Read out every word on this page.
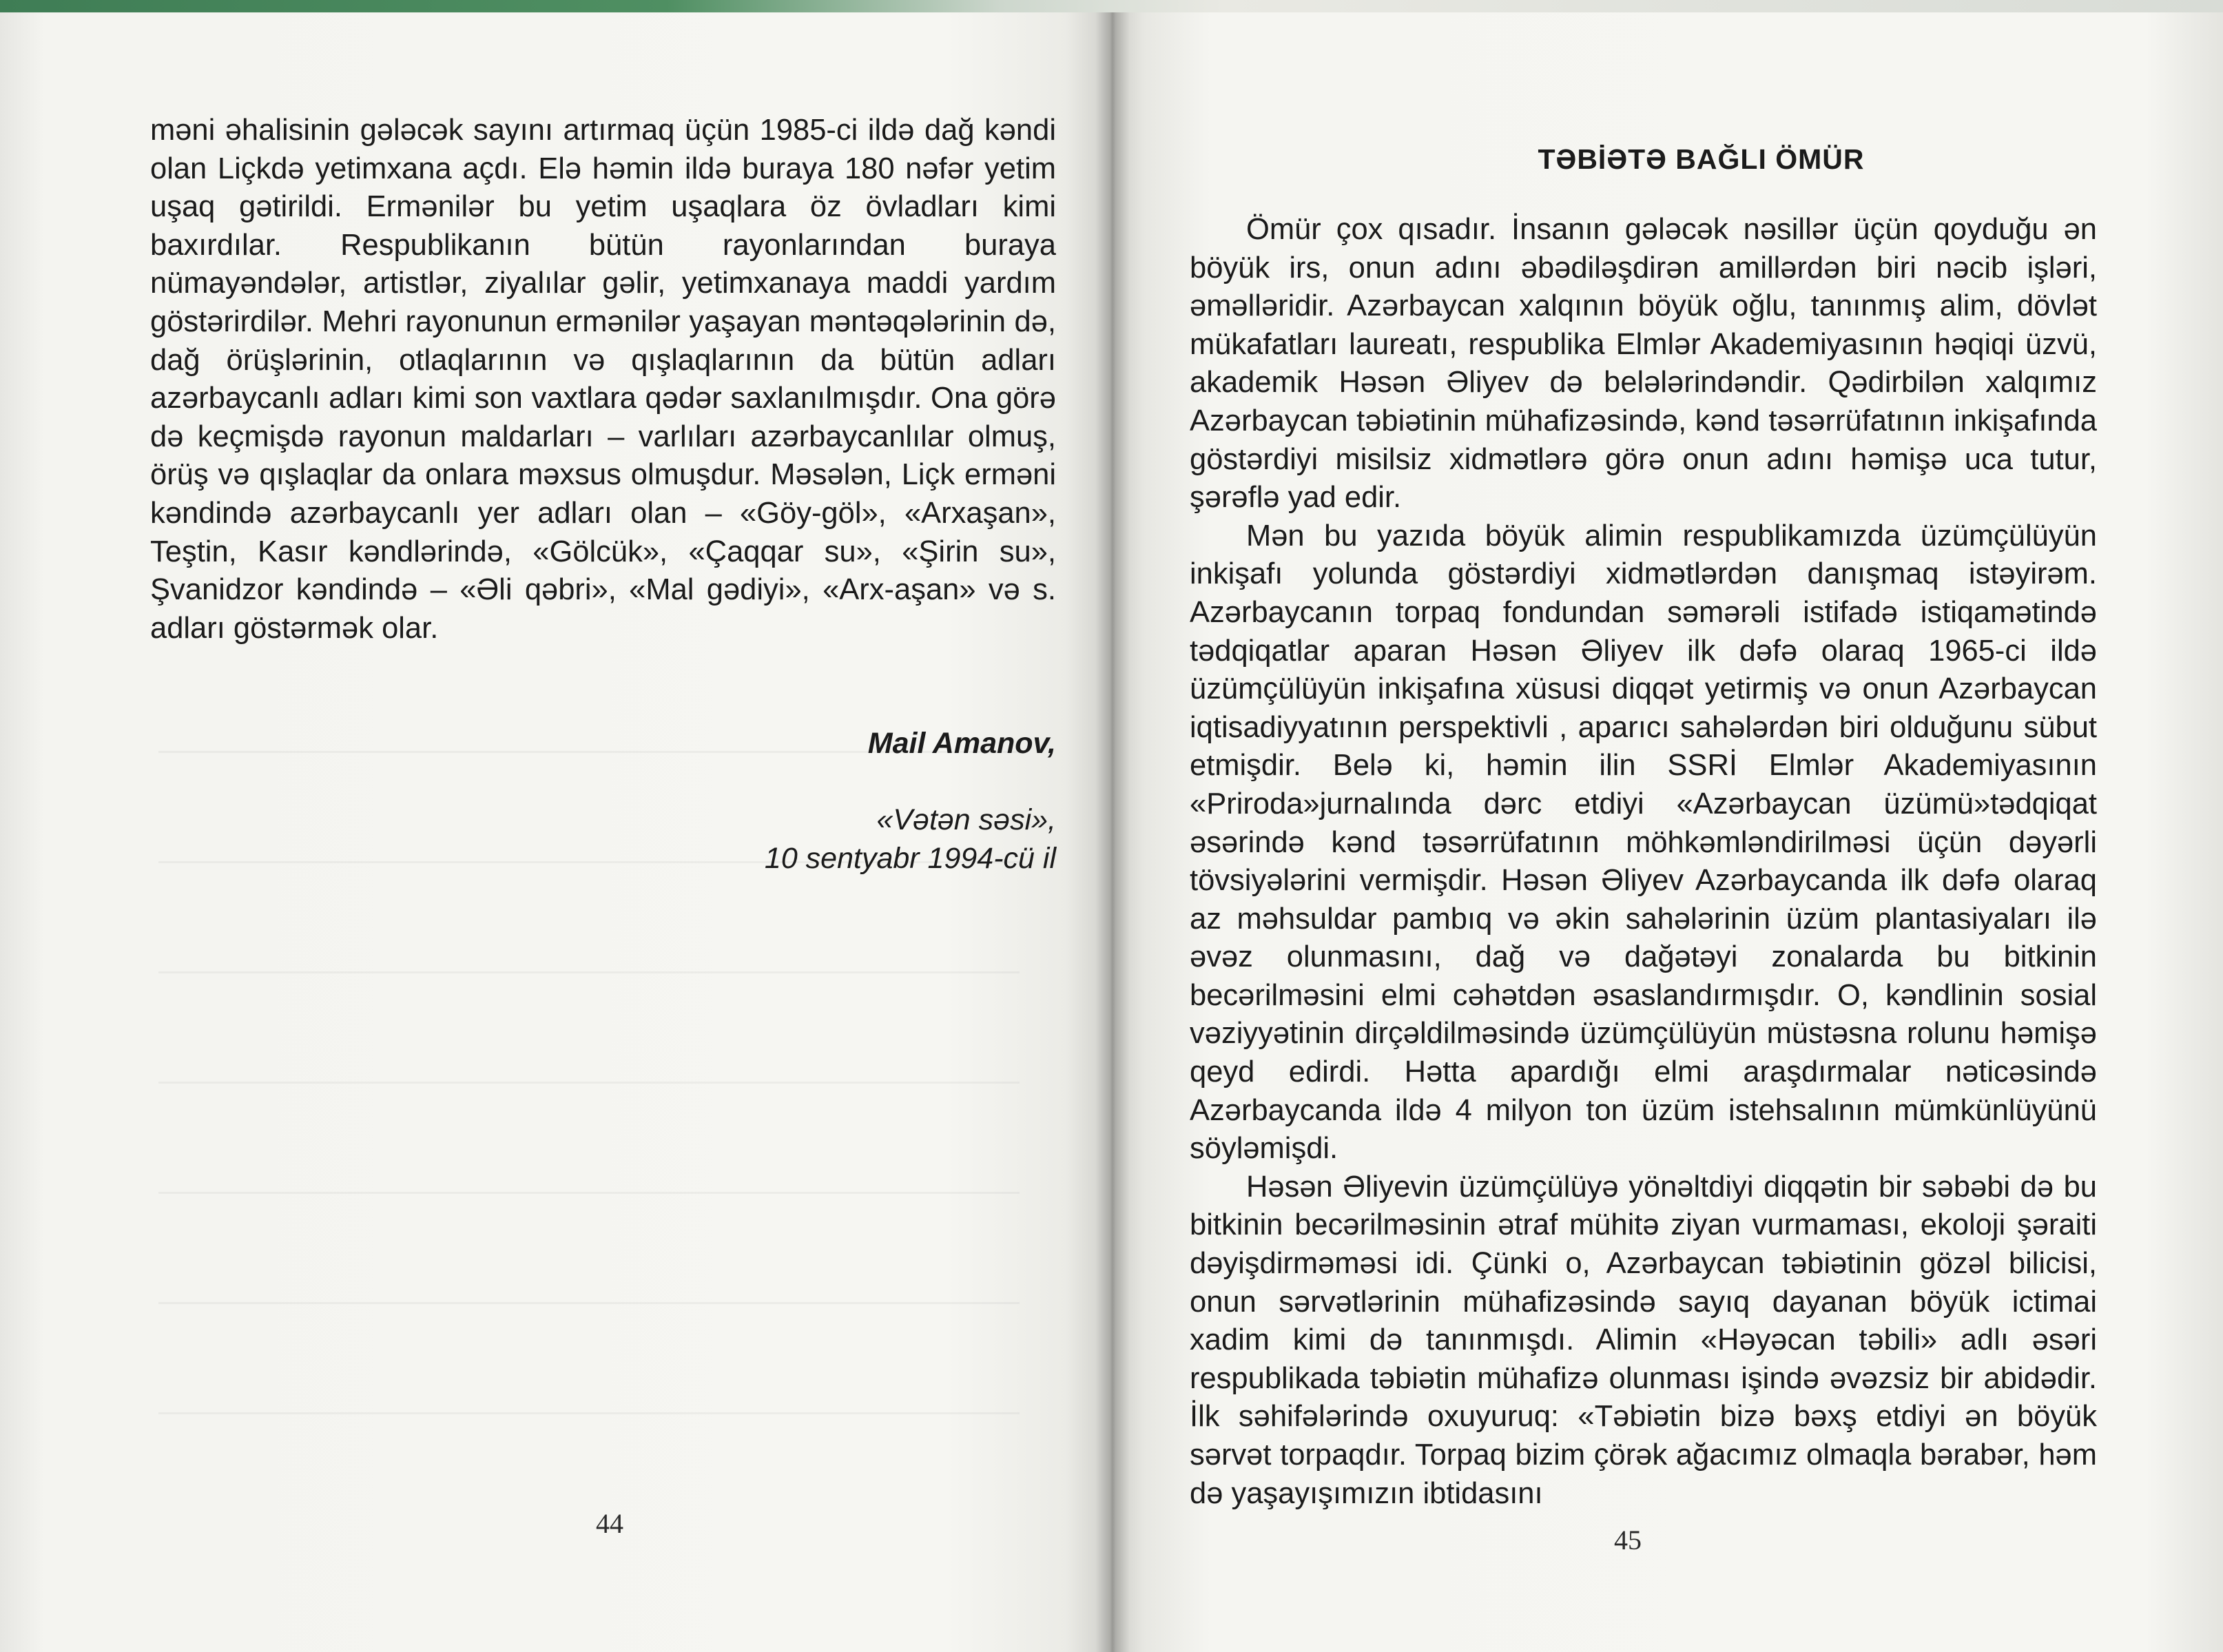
məni əhalisinin gələcək sayını artırmaq üçün 1985-ci ildə dağ kəndi olan Liçkdə yetimxana açdı. Elə həmin ildə buraya 180 nəfər yetim uşaq gətirildi. Ermənilər bu yetim uşaqlara öz övladları kimi baxırdılar. Respublikanın bütün rayonlarından buraya nümayəndələr, artistlər, ziyalılar gəlir, yetimxanaya maddi yardım göstərirdilər. Mehri rayonunun ermənilər yaşayan məntəqələrinin də, dağ örüşlərinin, otlaqlarının və qışlaqlarının da bütün adları azərbaycanlı adları kimi son vaxtlara qədər saxlanılmışdır. Ona görə də keçmişdə rayonun maldarları – varlıları azərbaycanlılar olmuş, örüş və qışlaqlar da onlara məxsus olmuşdur. Məsələn, Liçk erməni kəndində azərbaycanlı yer adları olan – «Göy-göl», «Arxaşan», Teştin, Kasır kəndlərində, «Gölcük», «Çaqqar su», «Şirin su», Şvanidzor kəndində – «Əli qəbri», «Mal gədiyi», «Arx-aşan» və s. adları göstərmək olar.

Mail Amanov,
«Vətən səsi»,
10 sentyabr 1994-cü il
44
TƏBİƏTƏ BAĞLI ÖMÜR

Ömür çox qısadır. İnsanın gələcək nəsillər üçün qoyduğu ən böyük irs, onun adını əbədiləşdirən amillərdən biri nəcib işləri, əməlləridir. Azərbaycan xalqının böyük oğlu, tanınmış alim, dövlət mükafatları laureatı, respublika Elmlər Akademiyasının həqiqi üzvü, akademik Həsən Əliyev də belələrindəndir. Qədirbilən xalqımız Azərbaycan təbiətinin mühafizəsində, kənd təsərrüfatının inkişafında göstərdiyi misilsiz xidmətlərə görə onun adını həmişə uca tutur, şərəflə yad edir.

Mən bu yazıda böyük alimin respublikamızda üzümçülüyün inkişafı yolunda göstərdiyi xidmətlərdən danışmaq istəyirəm. Azərbaycanın torpaq fondundan səmərəli istifadə istiqamətində tədqiqatlar aparan Həsən Əliyev ilk dəfə olaraq 1965-ci ildə üzümçülüyün inkişafına xüsusi diqqət yetirmiş və onun Azərbaycan iqtisadiyyatının perspektivli , aparıcı sahələrdən biri olduğunu sübut etmişdir. Belə ki, həmin ilin SSRİ Elmlər Akademiyasının «Priroda»jurnalında dərc etdiyi «Azərbaycan üzümü»tədqiqat əsərində kənd təsərrüfatının möhkəmləndirilməsi üçün dəyərli tövsiyələrini vermişdir. Həsən Əliyev Azərbaycanda ilk dəfə olaraq az məhsuldar pambıq və əkin sahələrinin üzüm plantasiyaları ilə əvəz olunmasını, dağ və dağətəyi zonalarda bu bitkinin becərilməsini elmi cəhətdən əsaslandırmışdır. O, kəndlinin sosial vəziyyətinin dirçəldilməsində üzümçülüyün müstəsna rolunu həmişə qeyd edirdi. Hətta apardığı elmi araşdırmalar nəticəsində Azərbaycanda ildə 4 milyon ton üzüm istehsalının mümkünlüyünü söyləmişdi.

Həsən Əliyevin üzümçülüyə yönəltdiyi diqqətin bir səbəbi də bu bitkinin becərilməsinin ətraf mühitə ziyan vurmaması, ekoloji şəraiti dəyişdirməməsi idi. Çünki o, Azərbaycan təbiətinin gözəl bilicisi, onun sərvətlərinin mühafizəsində sayıq dayanan böyük ictimai xadim kimi də tanınmışdı. Alimin «Həyəcan təbili» adlı əsəri respublikada təbiətin mühafizə olunması işində əvəzsiz bir abidədir. İlk səhifələrində oxuyuruq: «Təbiətin bizə bəxş etdiyi ən böyük sərvət torpaqdır. Torpaq bizim çörək ağacımız olmaqla bərabər, həm də yaşayışımızın ibtidasını

45
